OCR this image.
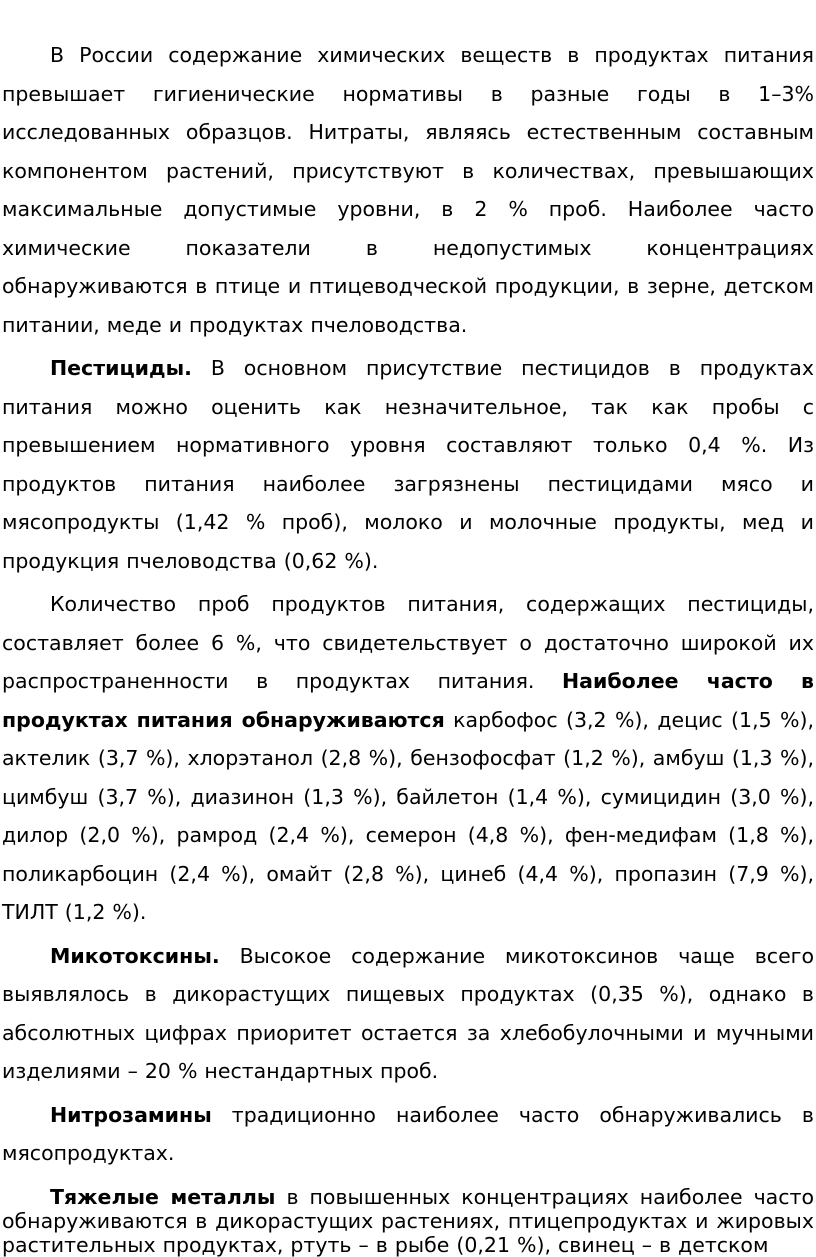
В России содержание химических веществ в продуктах питания превышает гигиенические нормативы в разные годы в 1–3% исследованных образцов. Нитраты, являясь естественным составным компонентом растений, присутствуют в количествах, превышающих максимальные допустимые уровни, в 2 % проб. Наиболее часто химические показатели в недопустимых концентрациях обнаруживаются в птице и птицеводческой продукции, в зерне, детском питании, меде и продуктах пчеловодства.

Пестициды. В основном присутствие пестицидов в продуктах питания можно оценить как незначительное, так как пробы с превышением нормативного уровня составляют только 0,4 %. Из продуктов питания наиболее загрязнены пестицидами мясо и мясопродукты (1,42 % проб), молоко и молочные продукты, мед и продукция пчеловодства (0,62 %).

Количество проб продуктов питания, содержащих пестициды, составляет более 6 %, что свидетельствует о достаточно широкой их распространенности в продуктах питания. Наиболее часто в продуктах питания обнаруживаются карбофос (3,2 %), децис (1,5 %), актелик (3,7 %), хлорэтанол (2,8 %), бензофосфат (1,2 %), амбуш (1,3 %), цимбуш (3,7 %), диазинон (1,3 %), байлетон (1,4 %), сумицидин (3,0 %), дилор (2,0 %), рамрод (2,4 %), семерон (4,8 %), фен-медифам (1,8 %), поликарбоцин (2,4 %), омайт (2,8 %), цинеб (4,4 %), пропазин (7,9 %), ТИЛТ (1,2 %).

Микотоксины. Высокое содержание микотоксинов чаще всего выявлялось в дикорастущих пищевых продуктах (0,35 %), однако в абсолютных цифрах приоритет остается за хлебобулочными и мучными изделиями – 20 % нестандартных проб.

Нитрозамины традиционно наиболее часто обнаруживались в мясопродуктах.

Тяжелые металлы в повышенных концентрациях наиболее часто обнаруживаются в дикорастущих растениях, птицепродуктах и жировых растительных продуктах, ртуть – в рыбе (0,21 %), свинец – в детском
